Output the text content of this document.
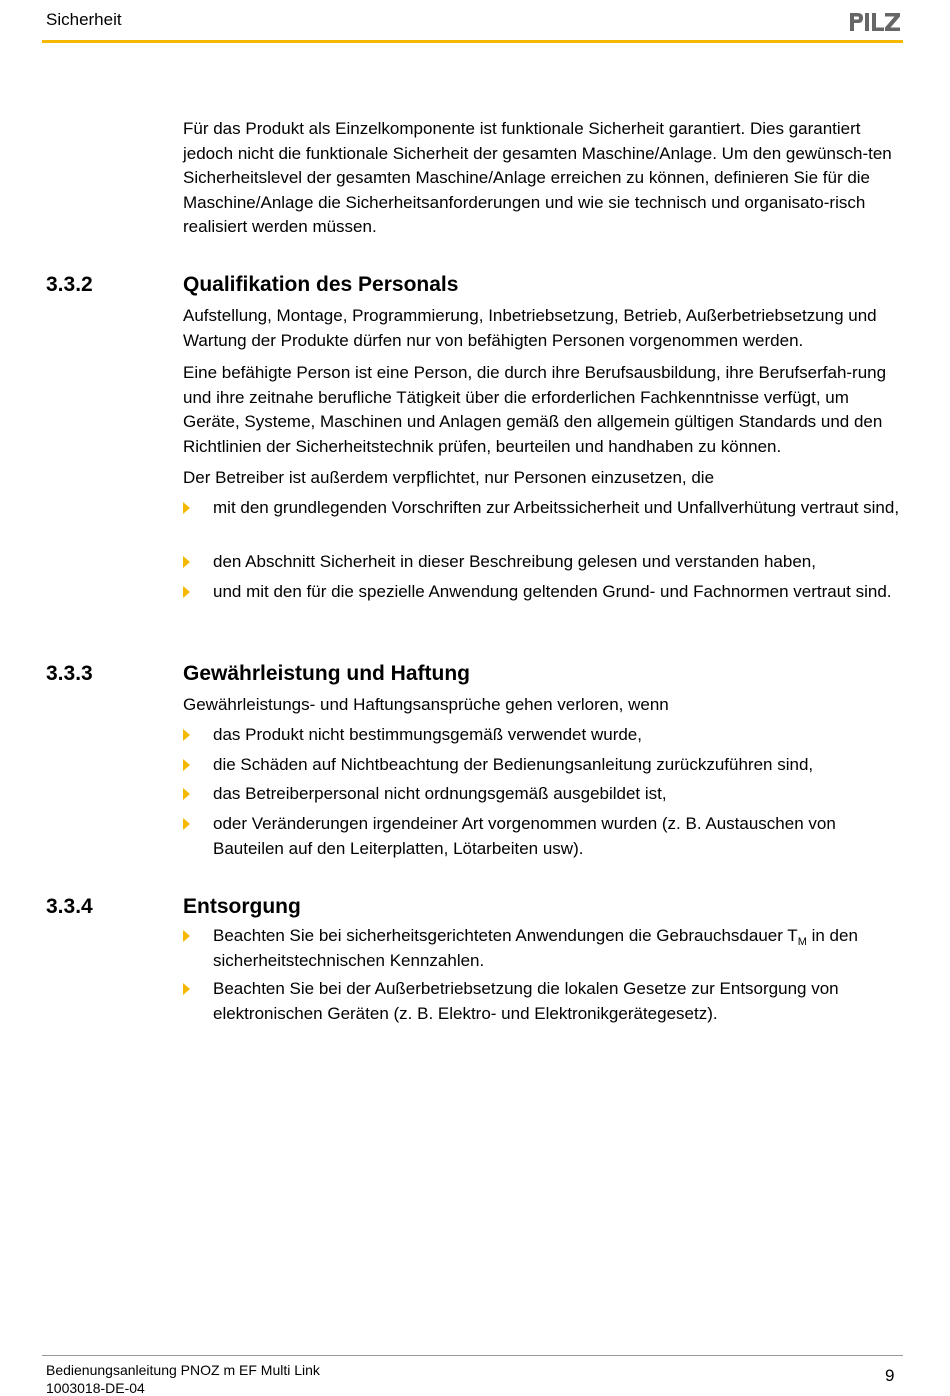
Sicherheit

Für das Produkt als Einzelkomponente ist funktionale Sicherheit garantiert. Dies garantiert jedoch nicht die funktionale Sicherheit der gesamten Maschine/Anlage. Um den gewünsch-ten Sicherheitslevel der gesamten Maschine/Anlage erreichen zu können, definieren Sie für die Maschine/Anlage die Sicherheitsanforderungen und wie sie technisch und organisato-risch realisiert werden müssen.

3.3.2	Qualifikation des Personals

Aufstellung, Montage, Programmierung, Inbetriebsetzung, Betrieb, Außerbetriebsetzung und Wartung der Produkte dürfen nur von befähigten Personen vorgenommen werden.

Eine befähigte Person ist eine Person, die durch ihre Berufsausbildung, ihre Berufserfah-rung und ihre zeitnahe berufliche Tätigkeit über die erforderlichen Fachkenntnisse verfügt, um Geräte, Systeme, Maschinen und Anlagen gemäß den allgemein gültigen Standards und den Richtlinien der Sicherheitstechnik prüfen, beurteilen und handhaben zu können.

Der Betreiber ist außerdem verpflichtet, nur Personen einzusetzen, die

mit den grundlegenden Vorschriften zur Arbeitssicherheit und Unfallverhütung vertraut sind,
den Abschnitt Sicherheit in dieser Beschreibung gelesen und verstanden haben,
und mit den für die spezielle Anwendung geltenden Grund- und Fachnormen vertraut sind.
3.3.3	Gewährleistung und Haftung

Gewährleistungs- und Haftungsansprüche gehen verloren, wenn

das Produkt nicht bestimmungsgemäß verwendet wurde,
die Schäden auf Nichtbeachtung der Bedienungsanleitung zurückzuführen sind,
das Betreiberpersonal nicht ordnungsgemäß ausgebildet ist,
oder Veränderungen irgendeiner Art vorgenommen wurden (z. B. Austauschen von Bauteilen auf den Leiterplatten, Lötarbeiten usw).
3.3.4	Entsorgung
Beachten Sie bei sicherheitsgerichteten Anwendungen die Gebrauchsdauer $T_M$ in den sicherheitstechnischen Kennzahlen.
Beachten Sie bei der Außerbetriebsetzung die lokalen Gesetze zur Entsorgung von elektronischen Geräten (z. B. Elektro- und Elektronikgerätegesetz).
Bedienungsanleitung PNOZ m EF Multi Link
1003018-DE-04
9
